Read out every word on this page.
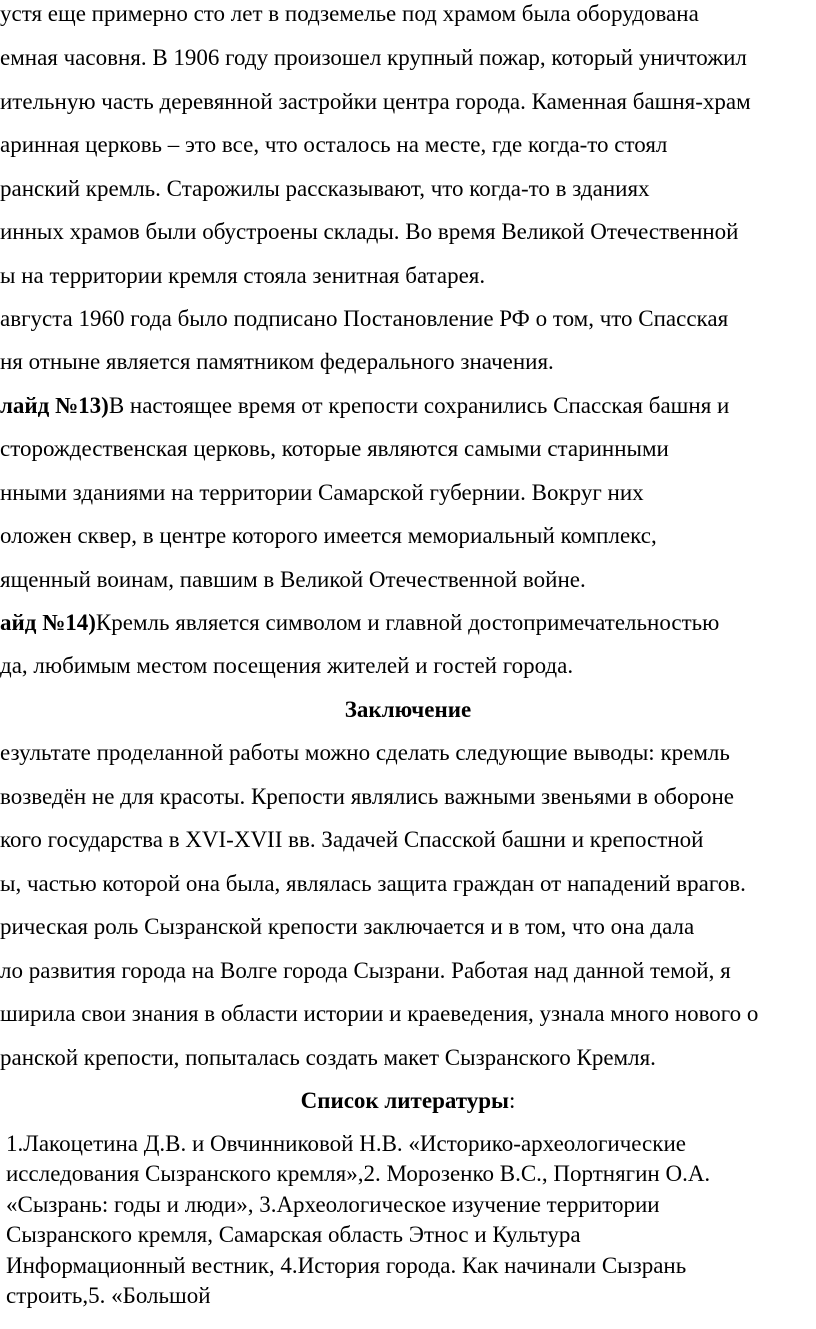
устя еще примерно сто лет в подземелье под храмом была оборудована
емная часовня. В 1906 году произошел крупный пожар, который уничтожил
ительную часть деревянной застройки центра города. Каменная башня-храм
аринная церковь – это все, что осталось на месте, где когда-то стоял
ранский кремль. Старожилы рассказывают, что когда-то в зданиях
инных храмов были обустроены склады. Во время Великой Отечественной
ы на территории кремля стояла зенитная батарея.
августа 1960 года было подписано Постановление РФ о том, что Спасская
ня отныне является памятником федерального значения.
лайд №13)В настоящее время от крепости сохранились Спасская башня и
сторождественская церковь, которые являются самыми старинными
нными зданиями на территории Самарской губернии. Вокруг них
оложен сквер, в центре которого имеется мемориальный комплекс,
ященный воинам, павшим в Великой Отечественной войне.
айд №14)Кремль является символом и главной достопримечательностью
да, любимым местом посещения жителей и гостей города.
Заключение
езультате проделанной работы можно сделать следующие выводы: кремль
возведён не для красоты. Крепости являлись важными звеньями в обороне
кого государства в XVI-XVII вв. Задачей Спасской башни и крепостной
ы, частью которой она была, являлась защита граждан от нападений врагов.
рическая роль Сызранской крепости заключается и в том, что она дала
ло развития города на Волге города Сызрани. Работая над данной темой, я
ширила свои знания в области истории и краеведения, узнала много нового о
ранской крепости, попыталась создать макет Сызранского Кремля.
Список литературы:
1.Лакоцетина Д.В. и Овчинниковой Н.В. «Историко-археологические
исследования Сызранского кремля»,2. Морозенко В.С., Портнягин О.А.
«Сызрань: годы и люди», 3.Археологическое изучение территории
Сызранского кремля, Самарская область Этнос и Культура
Информационный вестник, 4.История города. Как начинали Сызрань
строить,5. «Большой
